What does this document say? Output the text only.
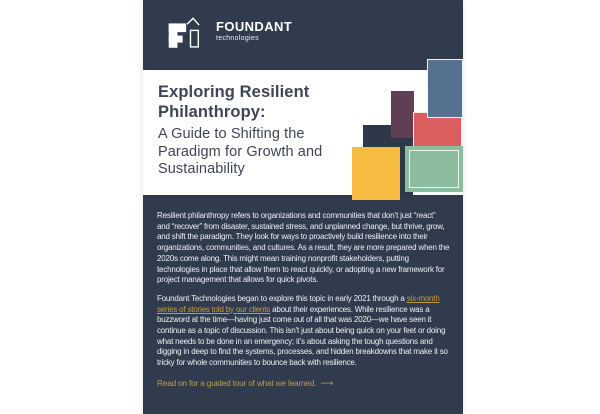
FOUNDANT
technologies
Exploring Resilient
Philanthropy:
A Guide to Shifting the Paradigm for Growth and Sustainability

Resilient philanthropy refers to organizations and communities that don’t just “react” and “recover” from disaster, sustained stress, and unplanned change, but thrive, grow, and shift the paradigm. They look for ways to proactively build resilience into their organizations, communities, and cultures. As a result, they are more prepared when the 2020s come along. This might mean training nonprofit stakeholders, putting technologies in place that allow them to react quickly, or adopting a new framework for project management that allows for quick pivots.

Foundant Technologies began to explore this topic in early 2021 through a six-month series of stories told by our clients about their experiences. While resilience was a buzzword at the time—having just come out of all that was 2020—we have seen it continue as a topic of discussion. This isn’t just about being quick on your feet or doing what needs to be done in an emergency; it’s about asking the tough questions and digging in deep to find the systems, processes, and hidden breakdowns that make it so tricky for whole communities to bounce back with resilience.

Read on for a guided tour of what we learned. ⟶
